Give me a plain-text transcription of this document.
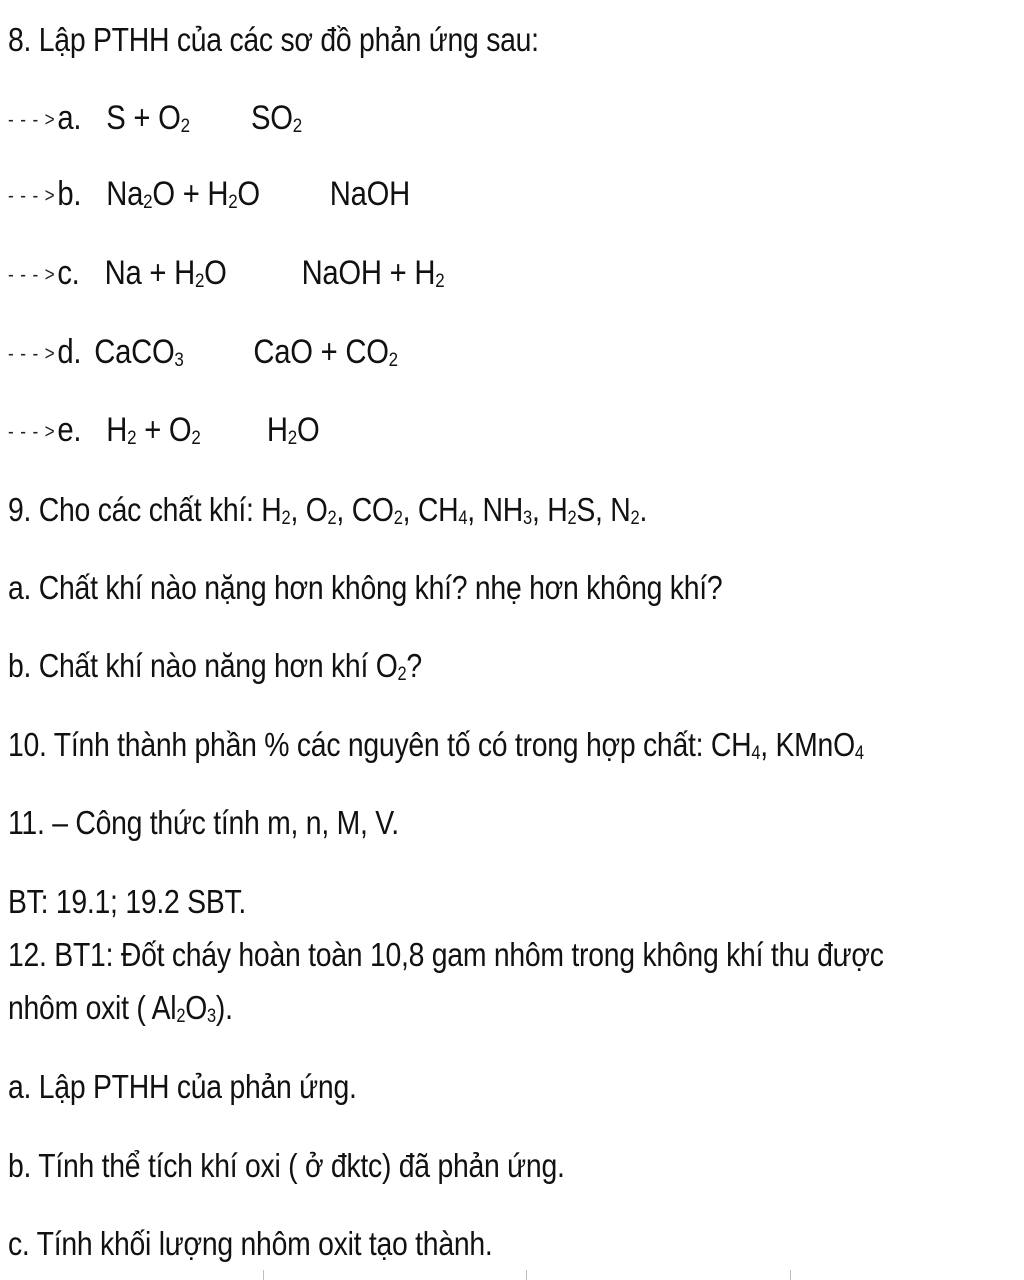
8. Lập PTHH của các sơ đồ phản ứng sau:
- - - >a. $S + O_2$ $SO_2$
- - - >b. $Na_2O + H_2O$ NaOH
- - - >c. $Na + H_2O$ NaOH + $H_2$
- - - >d. CaCO$_3$ CaO + $CO_2$
- - - >e. $H_2 + O_2$ $H_2O$
9. Cho các chất khí: $H_2$, $O_2$, $CO_2$, $CH_4$, $NH_3$, $H_2S$, $N_2$.
a. Chất khí nào nặng hơn không khí? nhẹ hơn không khí?
b. Chất khí nào năng hơn khí $O_2$?
10. Tính thành phần % các nguyên tố có trong hợp chất: $CH_4$, KMnO$_4$
11. – Công thức tính m, n, M, V.
BT: 19.1; 19.2 SBT.
12. BT1: Đốt cháy hoàn toàn 10,8 gam nhôm trong không khí thu được
nhôm oxit ( $Al_2O_3$).
a. Lập PTHH của phản ứng.
b. Tính thể tích khí oxi ( ở đktc) đã phản ứng.
c. Tính khối lượng nhôm oxit tạo thành.
